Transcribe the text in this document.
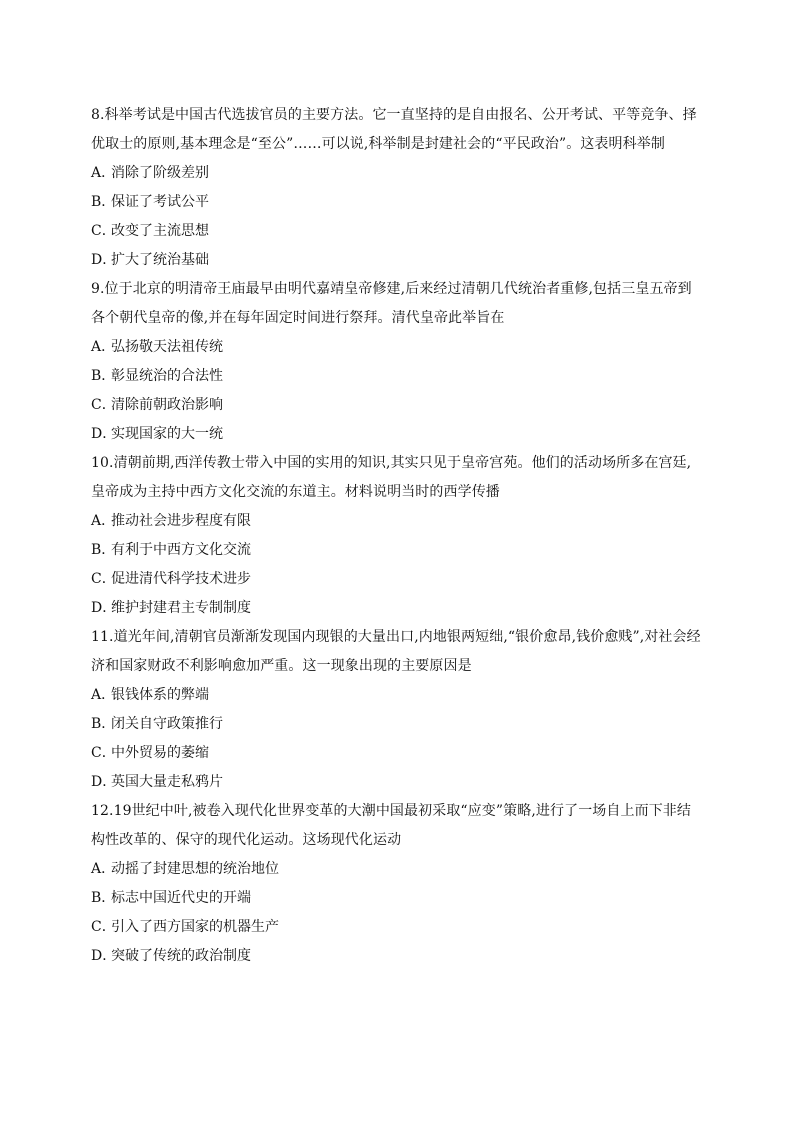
8.科举考试是中国古代选拔官员的主要方法。它一直坚持的是自由报名、公开考试、平等竞争、择优取士的原则,基本理念是“至公”……可以说,科举制是封建社会的“平民政治”。这表明科举制

A．消除了阶级差别

B．保证了考试公平

C．改变了主流思想

D．扩大了统治基础

9.位于北京的明清帝王庙最早由明代嘉靖皇帝修建,后来经过清朝几代统治者重修,包括三皇五帝到各个朝代皇帝的像,并在每年固定时间进行祭拜。清代皇帝此举旨在

A．弘扬敬天法祖传统

B．彰显统治的合法性

C．清除前朝政治影响

D．实现国家的大一统

10.清朝前期,西洋传教士带入中国的实用的知识,其实只见于皇帝宫苑。他们的活动场所多在宫廷,皇帝成为主持中西方文化交流的东道主。材料说明当时的西学传播

A．推动社会进步程度有限

B．有利于中西方文化交流

C．促进清代科学技术进步

D．维护封建君主专制制度

11.道光年间,清朝官员渐渐发现国内现银的大量出口,内地银两短绌,“银价愈昂,钱价愈贱”,对社会经济和国家财政不利影响愈加严重。这一现象出现的主要原因是

A．银钱体系的弊端

B．闭关自守政策推行

C．中外贸易的萎缩

D．英国大量走私鸦片

12.19世纪中叶,被卷入现代化世界变革的大潮中国最初采取“应变”策略,进行了一场自上而下非结构性改革的、保守的现代化运动。这场现代化运动

A．动摇了封建思想的统治地位

B．标志中国近代史的开端

C．引入了西方国家的机器生产

D．突破了传统的政治制度
